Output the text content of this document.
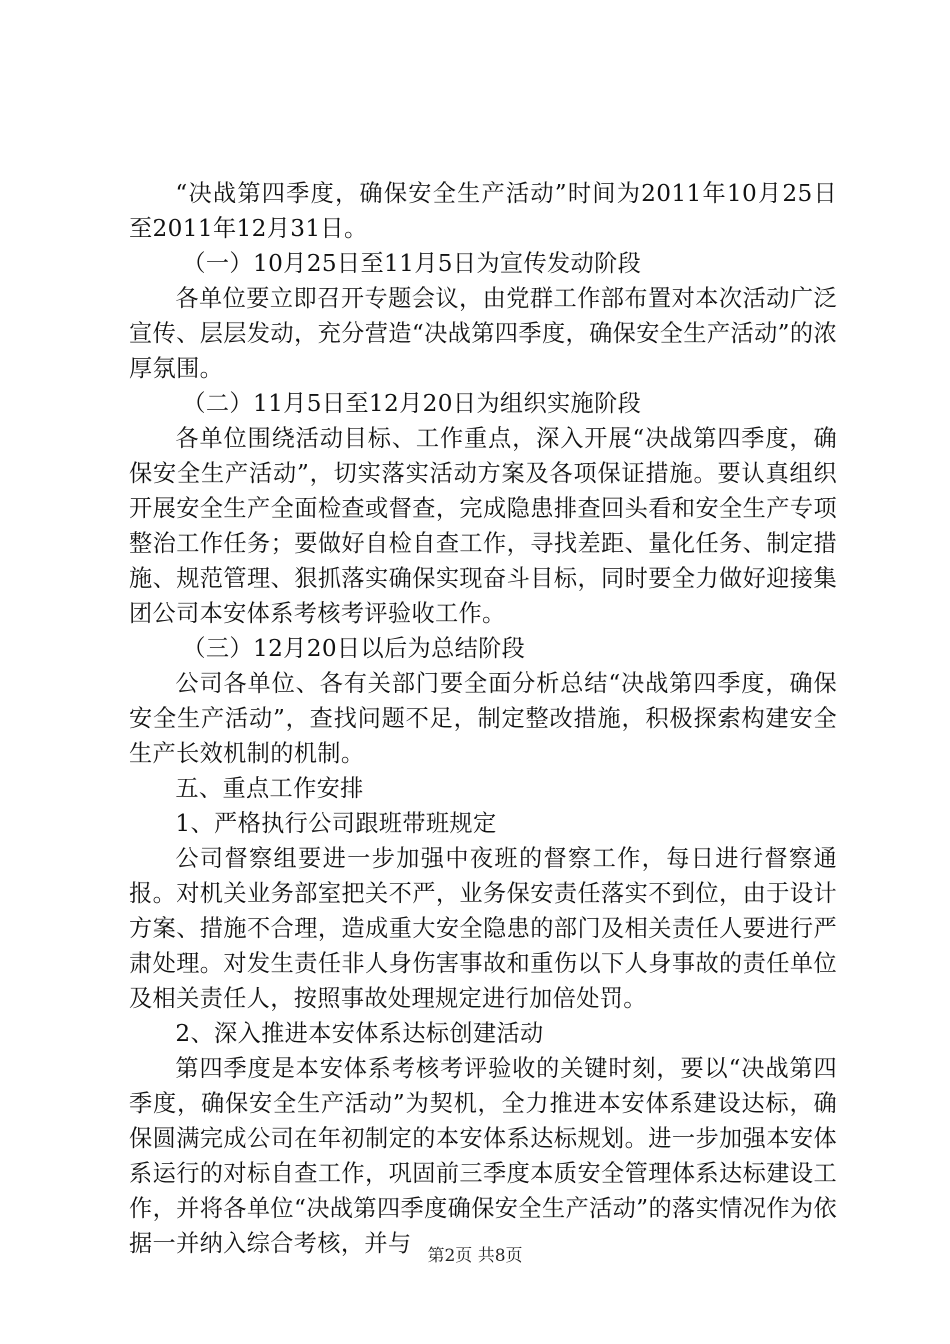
“决战第四季度，确保安全生产活动”时间为2011年10月25日至2011年12月31日。

（一）10月25日至11月5日为宣传发动阶段

各单位要立即召开专题会议，由党群工作部布置对本次活动广泛宣传、层层发动，充分营造“决战第四季度，确保安全生产活动”的浓厚氛围。

（二）11月5日至12月20日为组织实施阶段

各单位围绕活动目标、工作重点，深入开展“决战第四季度，确保安全生产活动”，切实落实活动方案及各项保证措施。要认真组织开展安全生产全面检查或督查，完成隐患排查回头看和安全生产专项整治工作任务；要做好自检自查工作，寻找差距、量化任务、制定措施、规范管理、狠抓落实确保实现奋斗目标，同时要全力做好迎接集团公司本安体系考核考评验收工作。

（三）12月20日以后为总结阶段

公司各单位、各有关部门要全面分析总结“决战第四季度，确保安全生产活动”，查找问题不足，制定整改措施，积极探索构建安全生产长效机制的机制。

五、重点工作安排

1、严格执行公司跟班带班规定

公司督察组要进一步加强中夜班的督察工作，每日进行督察通报。对机关业务部室把关不严，业务保安责任落实不到位，由于设计方案、措施不合理，造成重大安全隐患的部门及相关责任人要进行严肃处理。对发生责任非人身伤害事故和重伤以下人身事故的责任单位及相关责任人，按照事故处理规定进行加倍处罚。

2、深入推进本安体系达标创建活动

第四季度是本安体系考核考评验收的关键时刻，要以“决战第四季度，确保安全生产活动”为契机，全力推进本安体系建设达标，确保圆满完成公司在年初制定的本安体系达标规划。进一步加强本安体系运行的对标自查工作，巩固前三季度本质安全管理体系达标建设工作，并将各单位“决战第四季度确保安全生产活动”的落实情况作为依据一并纳入综合考核，并与 第2页 共8页
